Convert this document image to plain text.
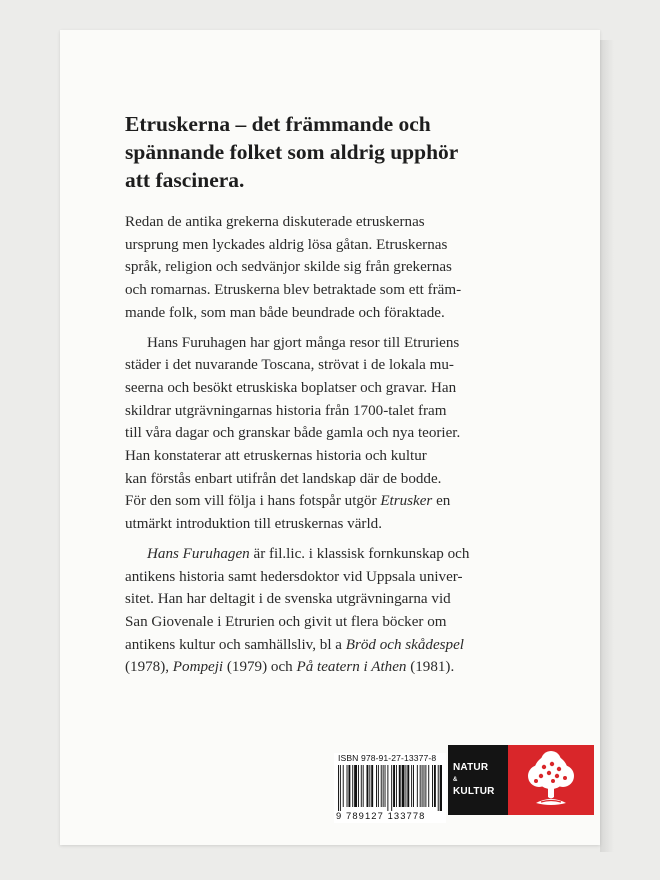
Etruskerna – det främmande och
spännande folket som aldrig upphör
att fascinera.
Redan de antika grekerna diskuterade etruskernas
ursprung men lyckades aldrig lösa gåtan. Etruskernas
språk, religion och sedvänjor skilde sig från grekernas
och romarnas. Etruskerna blev betraktade som ett främ-
mande folk, som man både beundrade och föraktade.
Hans Furuhagen har gjort många resor till Etruriens
städer i det nuvarande Toscana, strövat i de lokala mu-
seerna och besökt etruskiska boplatser och gravar. Han
skildrar utgrävningarnas historia från 1700-talet fram
till våra dagar och granskar både gamla och nya teorier.
Han konstaterar att etruskernas historia och kultur
kan förstås enbart utifrån det landskap där de bodde.
För den som vill följa i hans fotspår utgör Etrusker en
utmärkt introduktion till etruskernas värld.
Hans Furuhagen är fil.lic. i klassisk fornkunskap och
antikens historia samt hedersdoktor vid Uppsala univer-
sitet. Han har deltagit i de svenska utgrävningarna vid
San Giovenale i Etrurien och givit ut flera böcker om
antikens kultur och samhällsliv, bl a Bröd och skådespel
(1978), Pompeji (1979) och På teatern i Athen (1981).
ISBN 978-91-27-13377-8
9 789127 133778
NATUR
&
KULTUR
